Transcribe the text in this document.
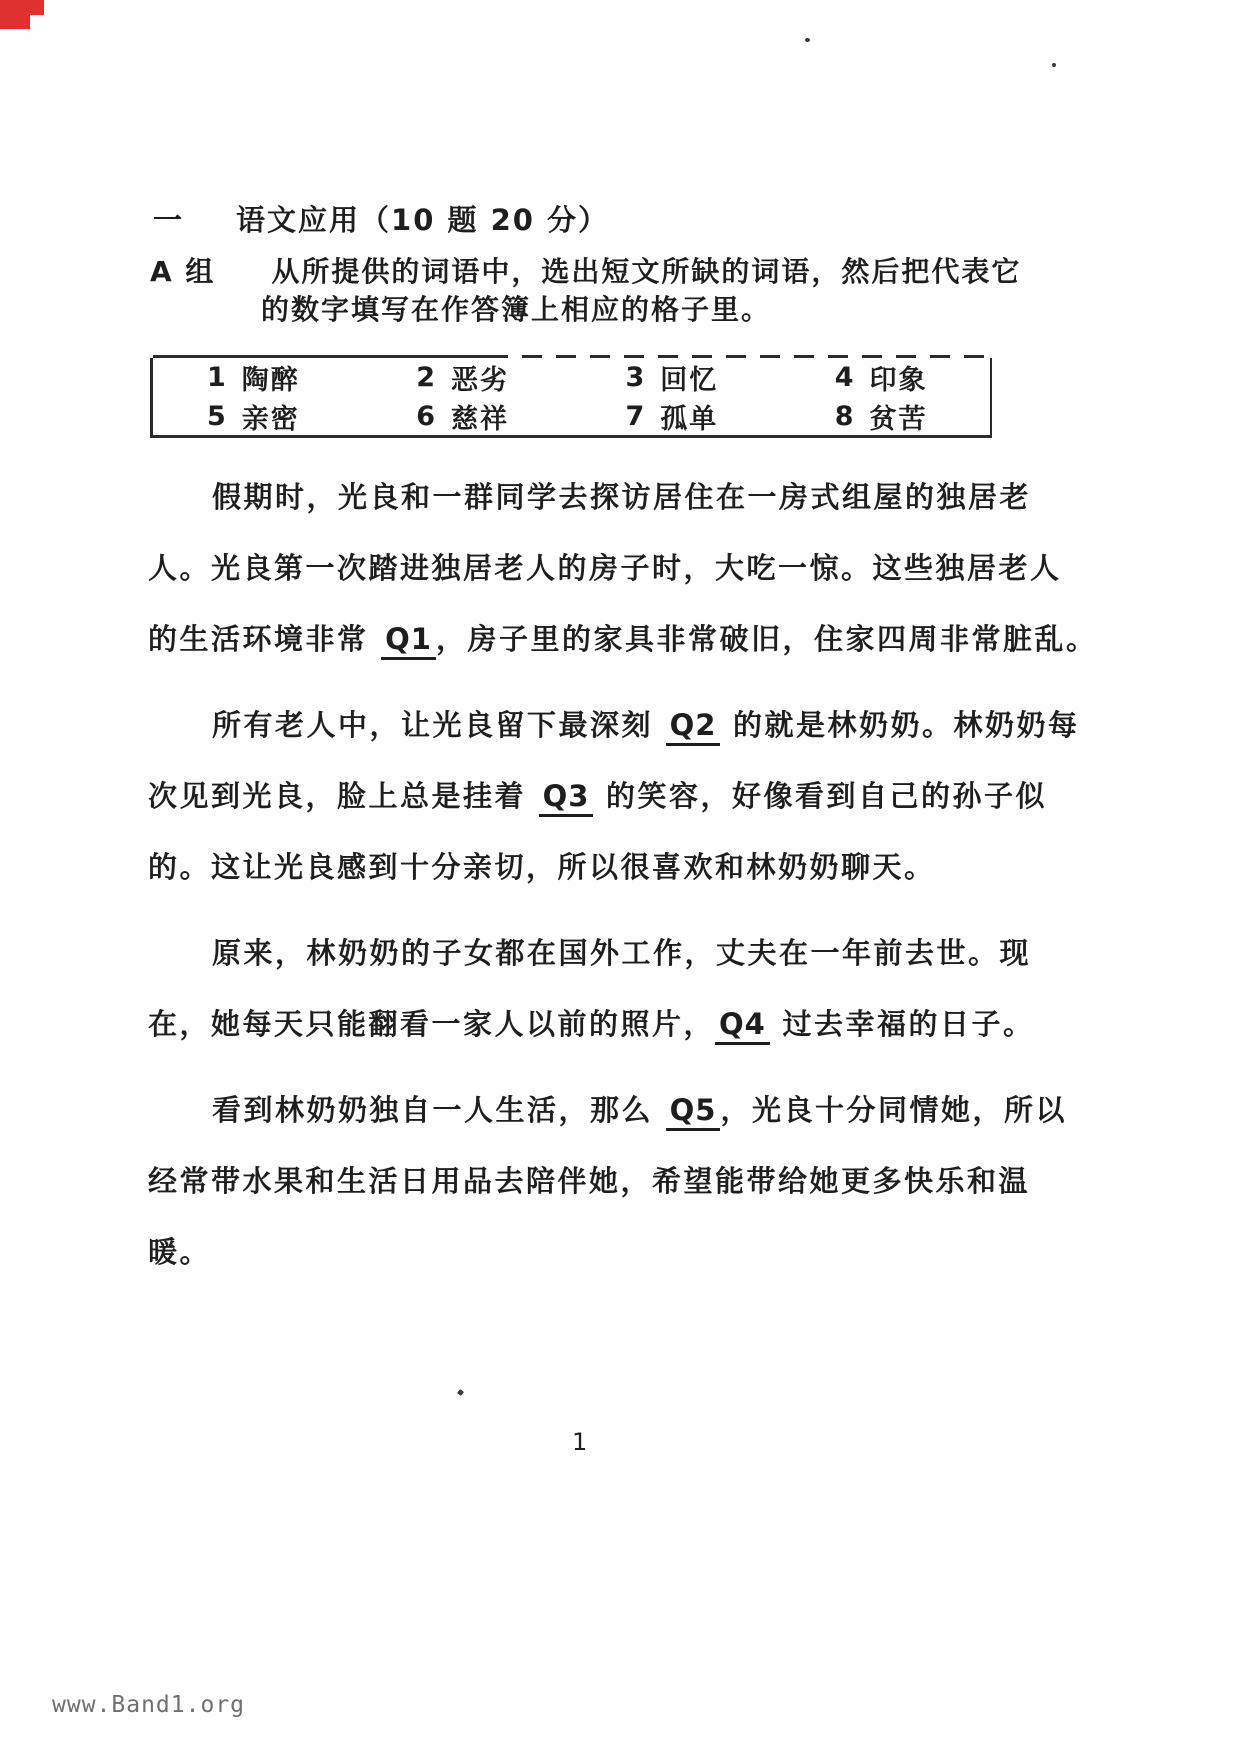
一 语文应用（10 题 20 分）
A 组 从所提供的词语中，选出短文所缺的词语，然后把代表它
的数字填写在作答簿上相应的格子里。
1 陶醉	2 恶劣	3 回忆	4 印象
5 亲密	6 慈祥	7 孤单	8 贫苦
假期时，光良和一群同学去探访居住在一房式组屋的独居老
人。光良第一次踏进独居老人的房子时，大吃一惊。这些独居老人
的生活环境非常 Q1 ，房子里的家具非常破旧，住家四周非常脏乱。
所有老人中，让光良留下最深刻 Q2 的就是林奶奶。林奶奶每
次见到光良，脸上总是挂着 Q3 的笑容，好像看到自己的孙子似
的。这让光良感到十分亲切，所以很喜欢和林奶奶聊天。
原来，林奶奶的子女都在国外工作，丈夫在一年前去世。现
在，她每天只能翻看一家人以前的照片， Q4 过去幸福的日子。
看到林奶奶独自一人生活，那么 Q5 ，光良十分同情她，所以
经常带水果和生活日用品去陪伴她，希望能带给她更多快乐和温
暖。
1
www.Band1.org
